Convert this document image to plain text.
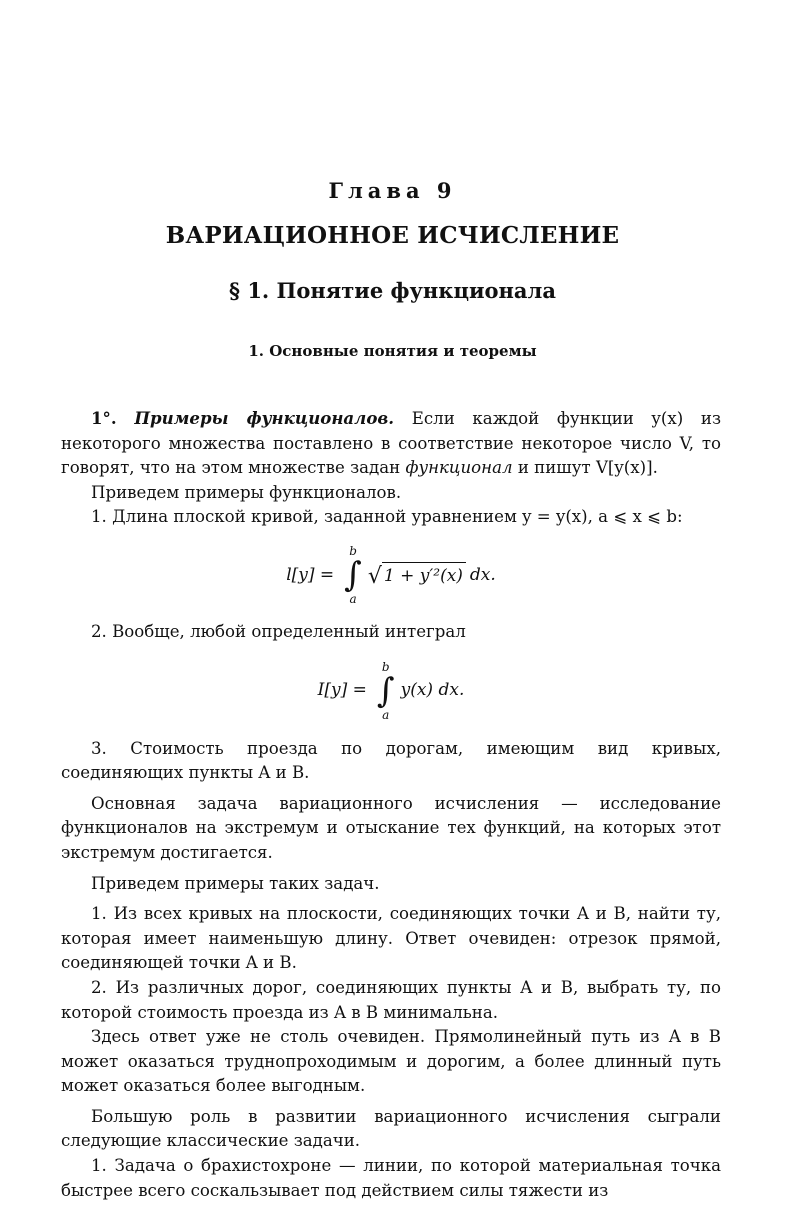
Глава 9
ВАРИАЦИОННОЕ ИСЧИСЛЕНИЕ
§ 1. Понятие функционала
1. Основные понятия и теоремы

1°. Примеры функционалов. Если каждой функции y(x) из некоторого множества поставлено в соответствие некоторое число V, то говорят, что на этом множестве задан функционал и пишут V[y(x)].

Приведем примеры функционалов.

1. Длина плоской кривой, заданной уравнением y = y(x), a ⩽ x ⩽ b:

l[y] =
b
∫
a
√ 1 + y′²(x) dx.

2. Вообще, любой определенный интеграл

I[y] =
b
∫
a
y(x) dx.

3. Стоимость проезда по дорогам, имеющим вид кривых, соединяющих пункты A и B.

Основная задача вариационного исчисления — исследование функционалов на экстремум и отыскание тех функций, на которых этот экстремум достигается.

Приведем примеры таких задач.

1. Из всех кривых на плоскости, соединяющих точки A и B, найти ту, которая имеет наименьшую длину. Ответ очевиден: отрезок прямой, соединяющей точки A и B.

2. Из различных дорог, соединяющих пункты A и B, выбрать ту, по которой стоимость проезда из A в B минимальна.

Здесь ответ уже не столь очевиден. Прямолинейный путь из A в B может оказаться труднопроходимым и дорогим, а более длинный путь может оказаться более выгодным.

Большую роль в развитии вариационного исчисления сыграли следующие классические задачи.

1. Задача о брахистохроне — линии, по которой материальная точка быстрее всего соскальзывает под действием силы тяжести из
